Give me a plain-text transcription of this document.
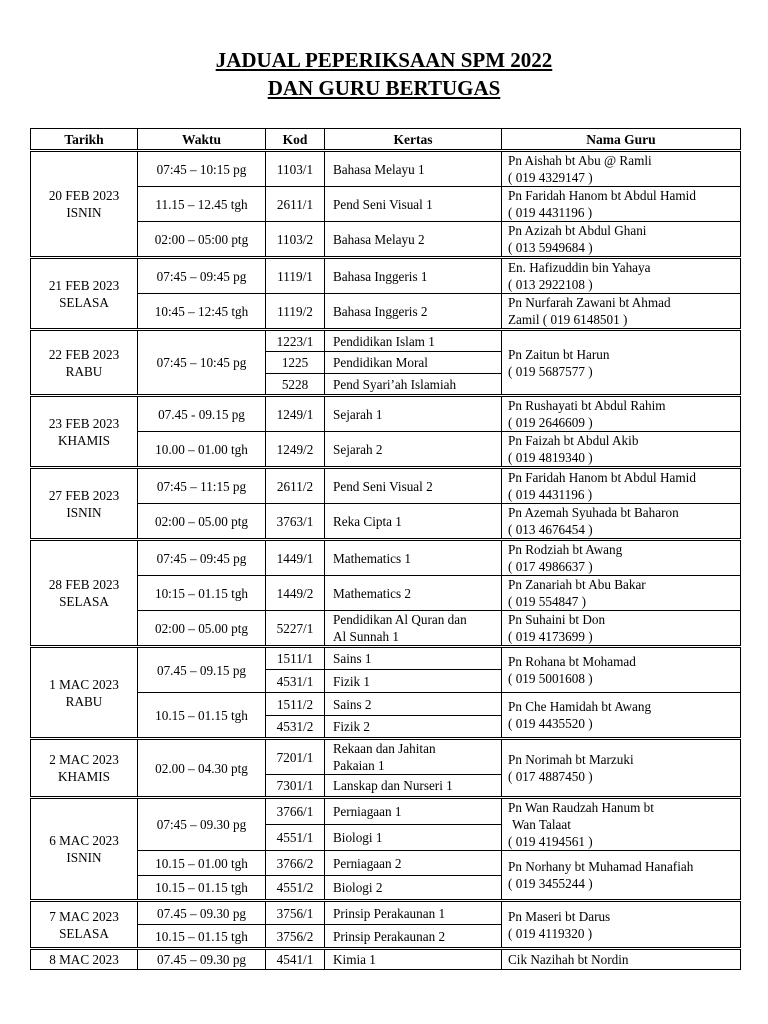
JADUAL PEPERIKSAAN SPM 2022
DAN GURU BERTUGAS
Tarikh	Waktu	Kod	Kertas	Nama Guru

20 FEB 2023
ISNIN	07:45 – 10:15 pg	1103/1	Bahasa Melayu 1	Pn Aishah bt Abu @ Ramli
( 019 4329147 )

	11.15 – 12.45 tgh	2611/1	Pend Seni Visual 1	Pn Faridah Hanom bt Abdul Hamid
( 019 4431196 )

	02:00 – 05:00 ptg	1103/2	Bahasa Melayu 2	Pn Azizah bt Abdul Ghani
( 013 5949684 )

21 FEB 2023
SELASA	07:45 – 09:45 pg	1119/1	Bahasa Inggeris 1	En. Hafizuddin bin Yahaya
( 013 2922108 )

	10:45 – 12:45 tgh	1119/2	Bahasa Inggeris 2	Pn Nurfarah Zawani bt Ahmad
Zamil ( 019 6148501 )

22 FEB 2023
RABU	07:45 – 10:45 pg	1223/1	Pendidikan Islam 1	Pn Zaitun bt Harun
( 019 5687577 )

		1225	Pendidikan Moral	
		5228	Pend Syari’ah Islamiah	

23 FEB 2023
KHAMIS	07.45 - 09.15 pg	1249/1	Sejarah 1	Pn Rushayati bt Abdul Rahim
( 019 2646609 )

	10.00 – 01.00 tgh	1249/2	Sejarah 2	Pn Faizah bt Abdul Akib
( 019 4819340 )

27 FEB 2023
ISNIN	07:45 – 11:15 pg	2611/2	Pend Seni Visual 2	Pn Faridah Hanom bt Abdul Hamid
( 019 4431196 )

	02:00 – 05.00 ptg	3763/1	Reka Cipta 1	Pn Azemah Syuhada bt Baharon
( 013 4676454 )

28 FEB 2023
SELASA	07:45 – 09:45 pg	1449/1	Mathematics 1	Pn Rodziah bt Awang
( 017 4986637 )

	10:15 – 01.15 tgh	1449/2	Mathematics 2	Pn Zanariah bt Abu Bakar
( 019 554847 )

	02:00 – 05.00 ptg	5227/1	Pendidikan Al Quran dan
Al Sunnah 1	Pn Suhaini bt Don
( 019 4173699 )

1 MAC 2023
RABU	07.45 – 09.15 pg	1511/1	Sains 1	Pn Rohana bt Mohamad
( 019 5001608 )

		4531/1	Fizik 1	
	10.15 – 01.15 tgh	1511/2	Sains 2	Pn Che Hamidah bt Awang
( 019 4435520 )

		4531/2	Fizik 2	

2 MAC 2023
KHAMIS	02.00 – 04.30 ptg	7201/1	Rekaan dan Jahitan
Pakaian 1	Pn Norimah bt Marzuki
( 017 4887450 )

		7301/1	Lanskap dan Nurseri 1	

6 MAC 2023
ISNIN	07:45 – 09.30 pg	3766/1	Perniagaan 1	Pn Wan Raudzah Hanum bt
Wan Talaat
( 019 4194561 )

		4551/1	Biologi 1	
	10.15 – 01.00 tgh	3766/2	Perniagaan 2	Pn Norhany bt Muhamad Hanafiah
( 019 3455244 )

	10.15 – 01.15 tgh	4551/2	Biologi 2	

7 MAC 2023
SELASA	07.45 – 09.30 pg	3756/1	Prinsip Perakaunan 1	Pn Maseri bt Darus
( 019 4119320 )

	10.15 – 01.15 tgh	3756/2	Prinsip Perakaunan 2	

8 MAC 2023	07.45 – 09.30 pg	4541/1	Kimia 1	Cik Nazihah bt Nordin
